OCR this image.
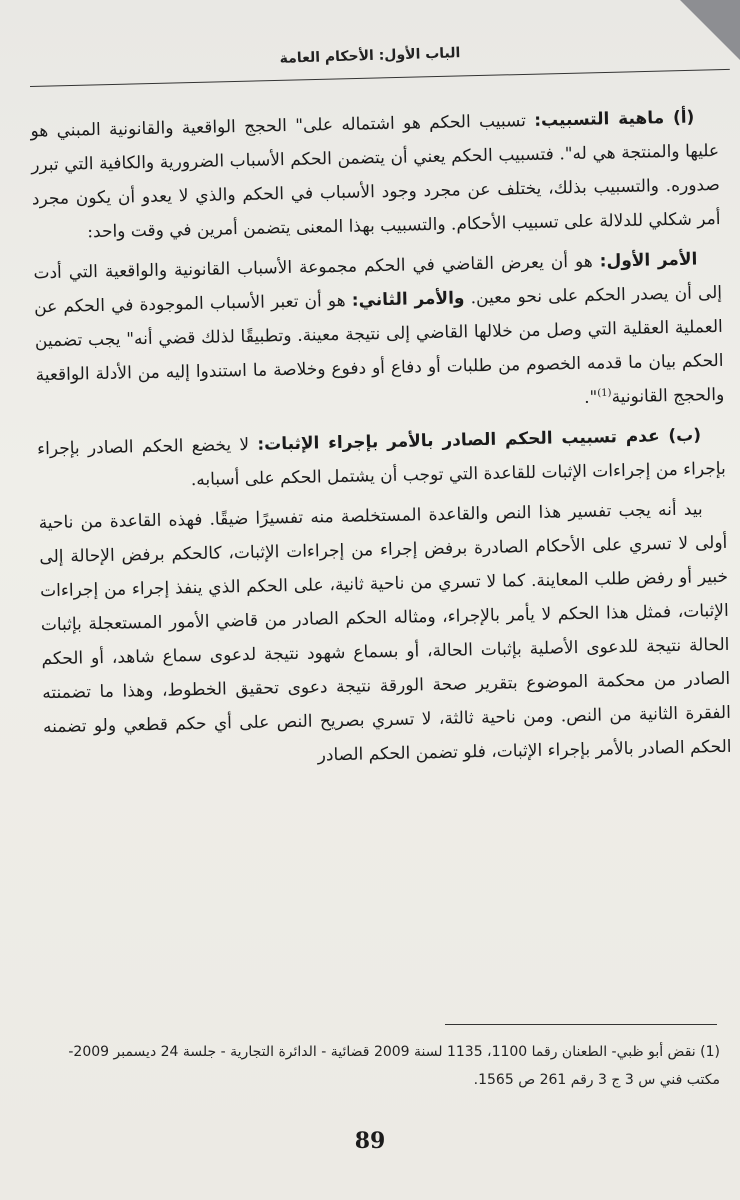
الباب الأول: الأحكام العامة

(أ) ماهية التسبيب: تسبيب الحكم هو اشتماله على" الحجج الواقعية والقانونية المبني هو عليها والمنتجة هي له". فتسبيب الحكم يعني أن يتضمن الحكم الأسباب الضرورية والكافية التي تبرر صدوره. والتسبيب بذلك، يختلف عن مجرد وجود الأسباب في الحكم والذي لا يعدو أن يكون مجرد أمر شكلي للدلالة على تسبيب الأحكام. والتسبيب بهذا المعنى يتضمن أمرين في وقت واحد:

الأمر الأول: هو أن يعرض القاضي في الحكم مجموعة الأسباب القانونية والواقعية التي أدت إلى أن يصدر الحكم على نحو معين. والأمر الثاني: هو أن تعبر الأسباب الموجودة في الحكم عن العملية العقلية التي وصل من خلالها القاضي إلى نتيجة معينة. وتطبيقًا لذلك قضي أنه" يجب تضمين الحكم بيان ما قدمه الخصوم من طلبات أو دفاع أو دفوع وخلاصة ما استندوا إليه من الأدلة الواقعية والحجج القانونية$^{(1)}$".

(ب) عدم تسبيب الحكم الصادر بالأمر بإجراء الإثبات: لا يخضع الحكم الصادر بإجراء بإجراء من إجراءات الإثبات للقاعدة التي توجب أن يشتمل الحكم على أسبابه.

بيد أنه يجب تفسير هذا النص والقاعدة المستخلصة منه تفسيرًا ضيقًا. فهذه القاعدة من ناحية أولى لا تسري على الأحكام الصادرة برفض إجراء من إجراءات الإثبات، كالحكم برفض الإحالة إلى خبير أو رفض طلب المعاينة. كما لا تسري من ناحية ثانية، على الحكم الذي ينفذ إجراء من إجراءات الإثبات، فمثل هذا الحكم لا يأمر بالإجراء، ومثاله الحكم الصادر من قاضي الأمور المستعجلة بإثبات الحالة نتيجة للدعوى الأصلية بإثبات الحالة، أو بسماع شهود نتيجة لدعوى سماع شاهد، أو الحكم الصادر من محكمة الموضوع بتقرير صحة الورقة نتيجة دعوى تحقيق الخطوط، وهذا ما تضمنته الفقرة الثانية من النص. ومن ناحية ثالثة، لا تسري بصريح النص على أي حكم قطعي ولو تضمنه الحكم الصادر بالأمر بإجراء الإثبات، فلو تضمن الحكم الصادر

(1) نقض أبو ظبي- الطعنان رقما 1100، 1135 لسنة 2009 قضائية - الدائرة التجارية - جلسة 24 ديسمبر 2009- مكتب فني س 3 ج 3 رقم 261 ص 1565.
89
